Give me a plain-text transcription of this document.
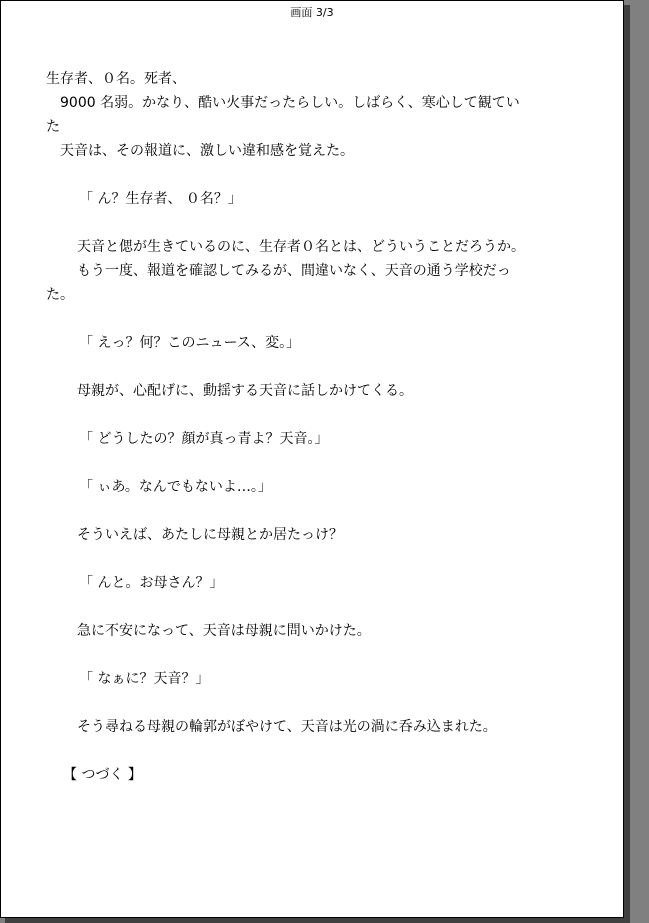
画面 3/3
生存者、０名。死者、
　9000 名弱。かなり、酷い火事だったらしい。しばらく、寒心して観てい
た
　天音は、その報道に、激しい違和感を覚えた。
「 ん？生存者、 ０名？」
天音と偲が生きているのに、生存者０名とは、どういうことだろうか。
もう一度、報道を確認してみるが、間違いなく、天音の通う学校だっ
た。
「 えっ？何？このニュース、変。」
母親が、心配げに、動揺する天音に話しかけてくる。
「 どうしたの？顔が真っ青よ？天音。」
「 ぃあ。なんでもないよ…。」
そういえば、あたしに母親とか居たっけ？
「 んと。お母さん？」
急に不安になって、天音は母親に問いかけた。
「 なぁに？天音？」
そう尋ねる母親の輪郭がぼやけて、天音は光の渦に呑み込まれた。
【 つづく 】
